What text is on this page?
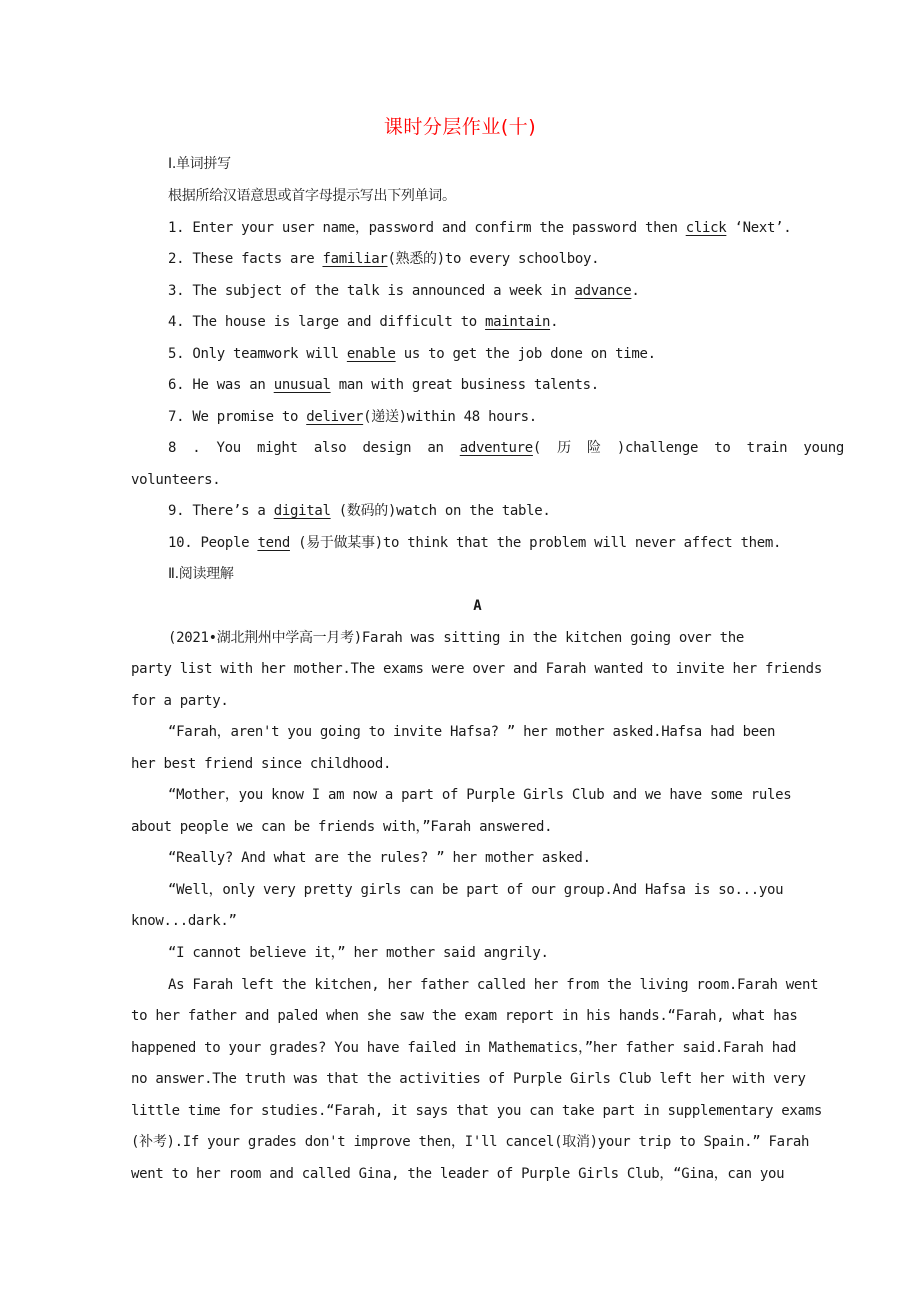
课时分层作业(十)
Ⅰ.单词拼写
根据所给汉语意思或首字母提示写出下列单词。
1. Enter your user name，password and confirm the password then click ‘Next’.
2. These facts are familiar(熟悉的)to every schoolboy.
3. The subject of the talk is announced a week in advance.
4. The house is large and difficult to maintain.
5. Only teamwork will enable us to get the job done on time.
6. He was an unusual man with great business talents.
7. We promise to deliver(递送)within 48 hours.
8 . You might also design an adventure( 历 险 )challenge to train young
volunteers.
9. There’s a digital (数码的)watch on the table.
10. People tend (易于做某事)to think that the problem will never affect them.
Ⅱ.阅读理解
A
(2021•湖北荆州中学高一月考)Farah was sitting in the kitchen going over the
party list with her mother.The exams were over and Farah wanted to invite her friends
for a party.
“Farah，aren't you going to invite Hafsa? ” her mother asked.Hafsa had been
her best friend since childhood.
“Mother，you know I am now a part of Purple Girls Club and we have some rules
about people we can be friends with，”Farah answered.
“Really? And what are the rules? ” her mother asked.
“Well，only very pretty girls can be part of our group.And Hafsa is so...you
know...dark.”
“I cannot believe it，” her mother said angrily.
As Farah left the kitchen, her father called her from the living room.Farah went
to her father and paled when she saw the exam report in his hands.“Farah, what has
happened to your grades? You have failed in Mathematics，”her father said.Farah had
no answer.The truth was that the activities of Purple Girls Club left her with very
little time for studies.“Farah, it says that you can take part in supplementary exams
(补考).If your grades don't improve then，I'll cancel(取消)your trip to Spain.” Farah
went to her room and called Gina, the leader of Purple Girls Club，“Gina，can you
